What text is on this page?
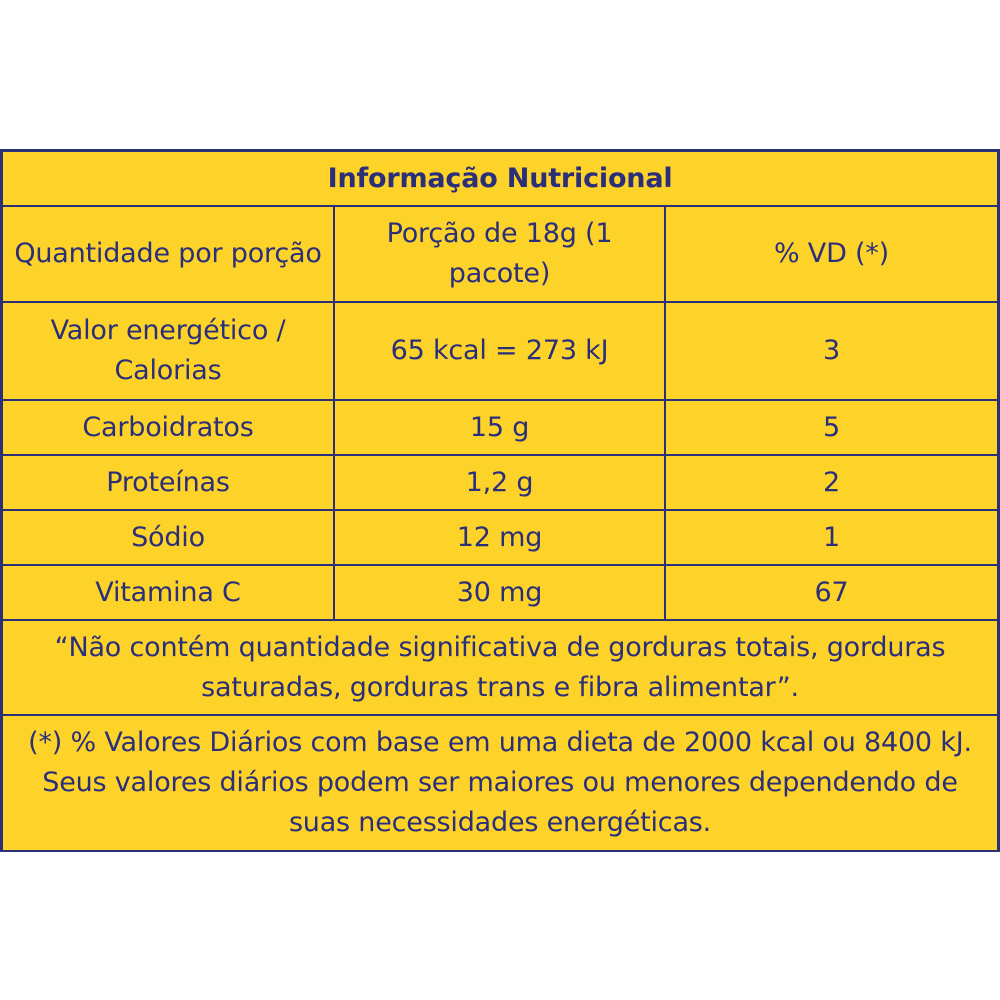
Informação Nutricional		
Quantidade por porção	Porção de 18g (1 pacote)	% VD (*)
Valor energético / Calorias	65 kcal = 273 kJ	3
Carboidratos	15 g	5
Proteínas	1,2 g	2
Sódio	12 mg	1
Vitamina C	30 mg	67
“Não contém quantidade significativa de gorduras totais, gorduras saturadas, gorduras trans e fibra alimentar”.		
(*) % Valores Diários com base em uma dieta de 2000 kcal ou 8400 kJ. Seus valores diários podem ser maiores ou menores dependendo de suas necessidades energéticas.		
